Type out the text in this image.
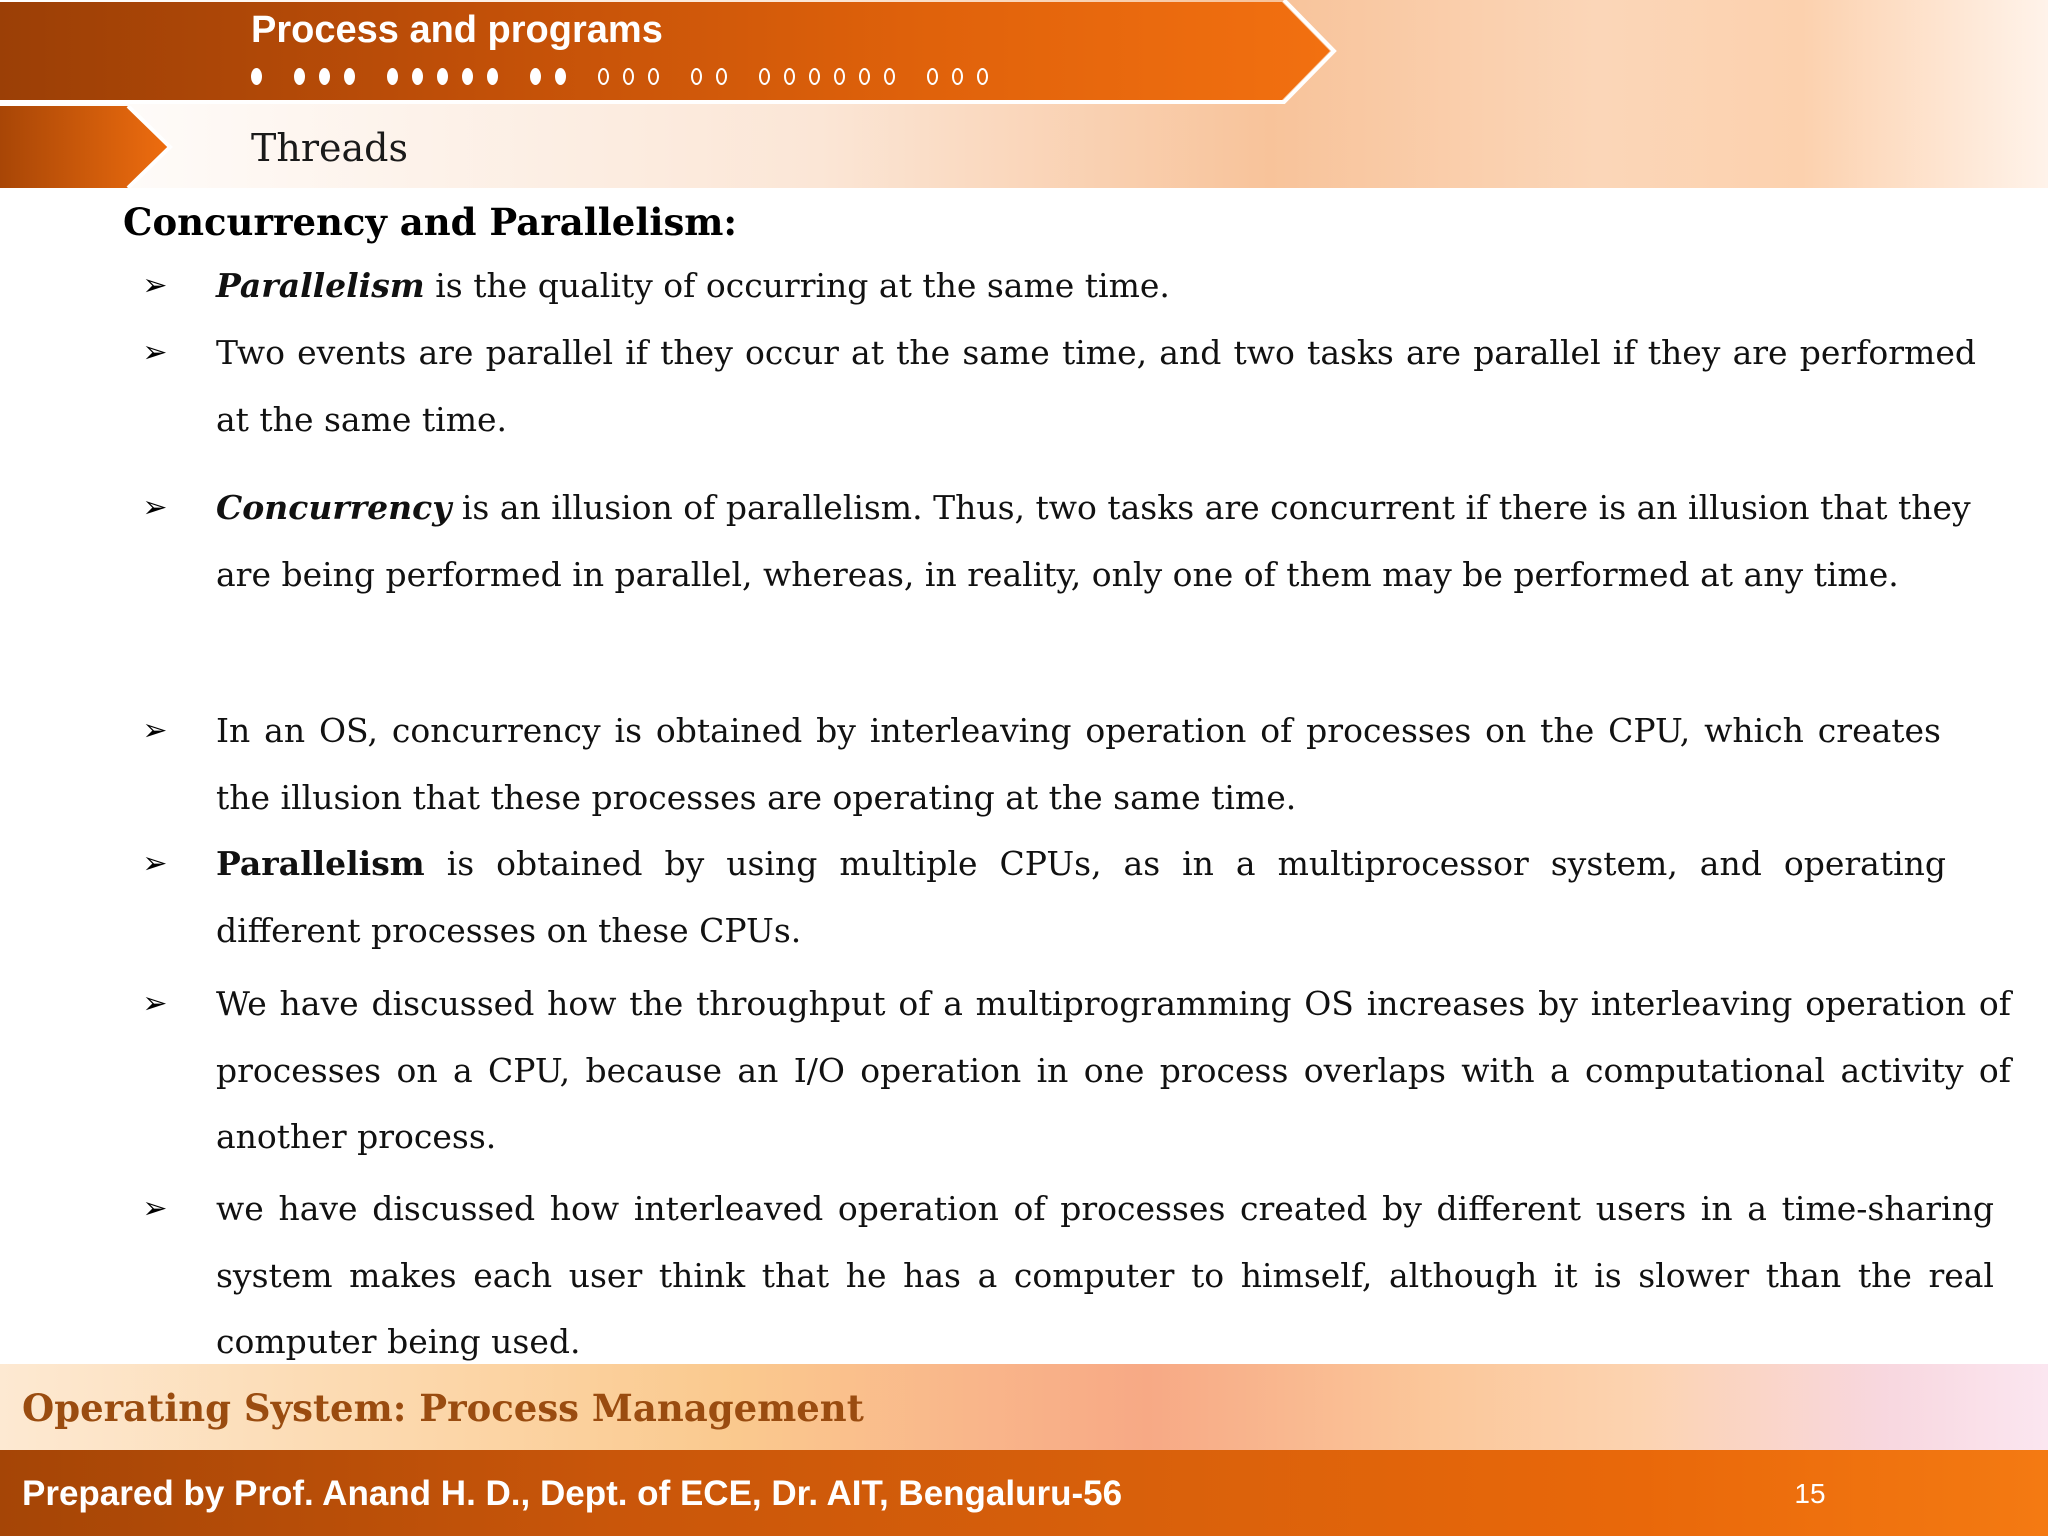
Process and programs
Threads
Concurrency and Parallelism:
➢ Parallelism is the quality of occurring at the same time.
➢ Two events are parallel if they occur at the same time, and two tasks are parallel if they are performed at the same time.
➢ Concurrency is an illusion of parallelism. Thus, two tasks are concurrent if there is an illusion that they are being performed in parallel, whereas, in reality, only one of them may be performed at any time.
➢ In an OS, concurrency is obtained by interleaving operation of processes on the CPU, which creates the illusion that these processes are operating at the same time.
➢ Parallelism is obtained by using multiple CPUs, as in a multiprocessor system, and operating different processes on these CPUs.
➢ We have discussed how the throughput of a multiprogramming OS increases by interleaving operation of processes on a CPU, because an I/O operation in one process overlaps with a computational activity of another process.
➢ we have discussed how interleaved operation of processes created by different users in a time-sharing system makes each user think that he has a computer to himself, although it is slower than the real computer being used.
Operating System: Process Management
Prepared by Prof. Anand H. D., Dept. of ECE, Dr. AIT, Bengaluru-56	15
